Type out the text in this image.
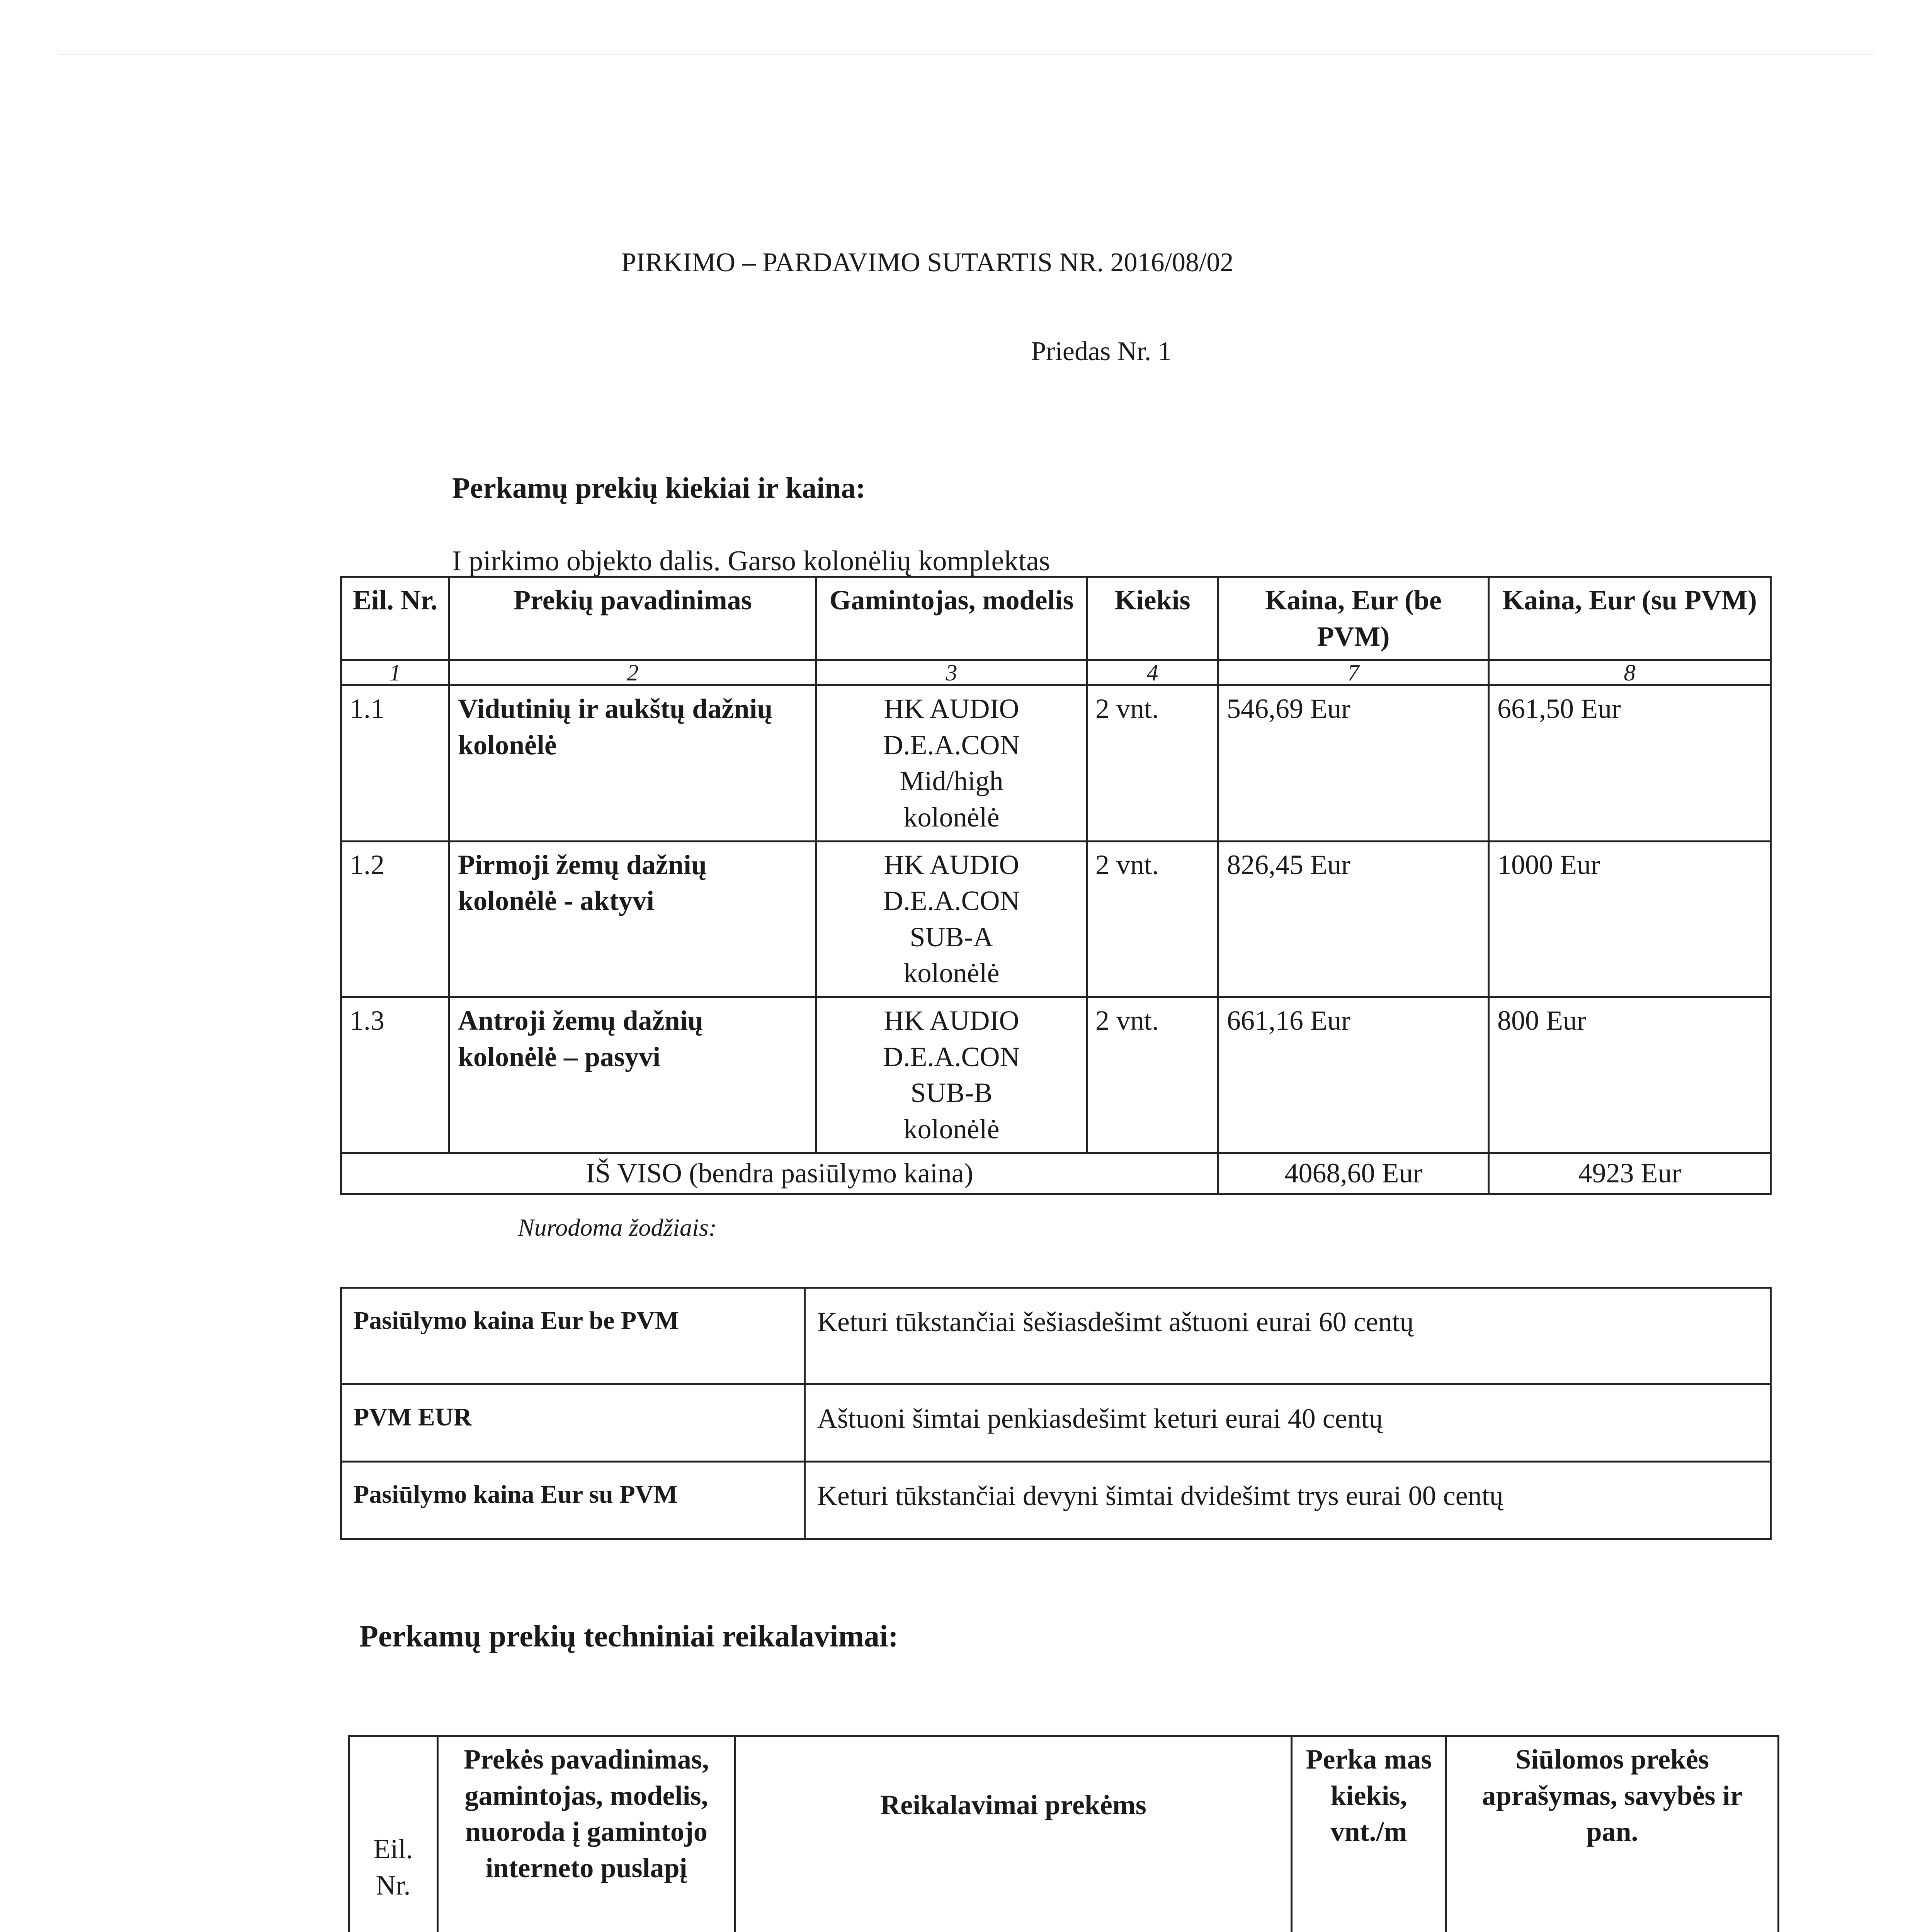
PIRKIMO – PARDAVIMO SUTARTIS NR. 2016/08/02
Priedas Nr. 1
Perkamų prekių kiekiai ir kaina:
I pirkimo objekto dalis. Garso kolonėlių komplektas
Eil. Nr.	Prekių pavadinimas	Gamintojas, modelis	Kiekis	Kaina, Eur (be PVM)	Kaina, Eur (su PVM)
1	2	3	4	7	8
1.1	Vidutinių ir aukštų dažnių kolonėlė	HK AUDIO
D.E.A.CON
Mid/high
kolonėlė	2 vnt.	546,69 Eur	661,50 Eur
1.2	Pirmoji žemų dažnių kolonėlė - aktyvi	HK AUDIO
D.E.A.CON
SUB-A
kolonėlė	2 vnt.	826,45 Eur	1000 Eur
1.3	Antroji žemų dažnių kolonėlė – pasyvi	HK AUDIO
D.E.A.CON
SUB-B
kolonėlė	2 vnt.	661,16 Eur	800 Eur
IŠ VISO (bendra pasiūlymo kaina)				4068,60 Eur	4923 Eur
Nurodoma žodžiais:
Pasiūlymo kaina Eur be PVM	Keturi tūkstančiai šešiasdešimt aštuoni eurai 60 centų
PVM EUR	Aštuoni šimtai penkiasdešimt keturi eurai 40 centų
Pasiūlymo kaina Eur su PVM	Keturi tūkstančiai devyni šimtai dvidešimt trys eurai 00 centų
Perkamų prekių techniniai reikalavimai:
Eil. Nr.	Prekės pavadinimas, gamintojas, modelis, nuoroda į gamintojo interneto puslapį	Reikalavimai prekėms	Perka mas kiekis, vnt./m	Siūlomos prekės aprašymas, savybės ir pan.
